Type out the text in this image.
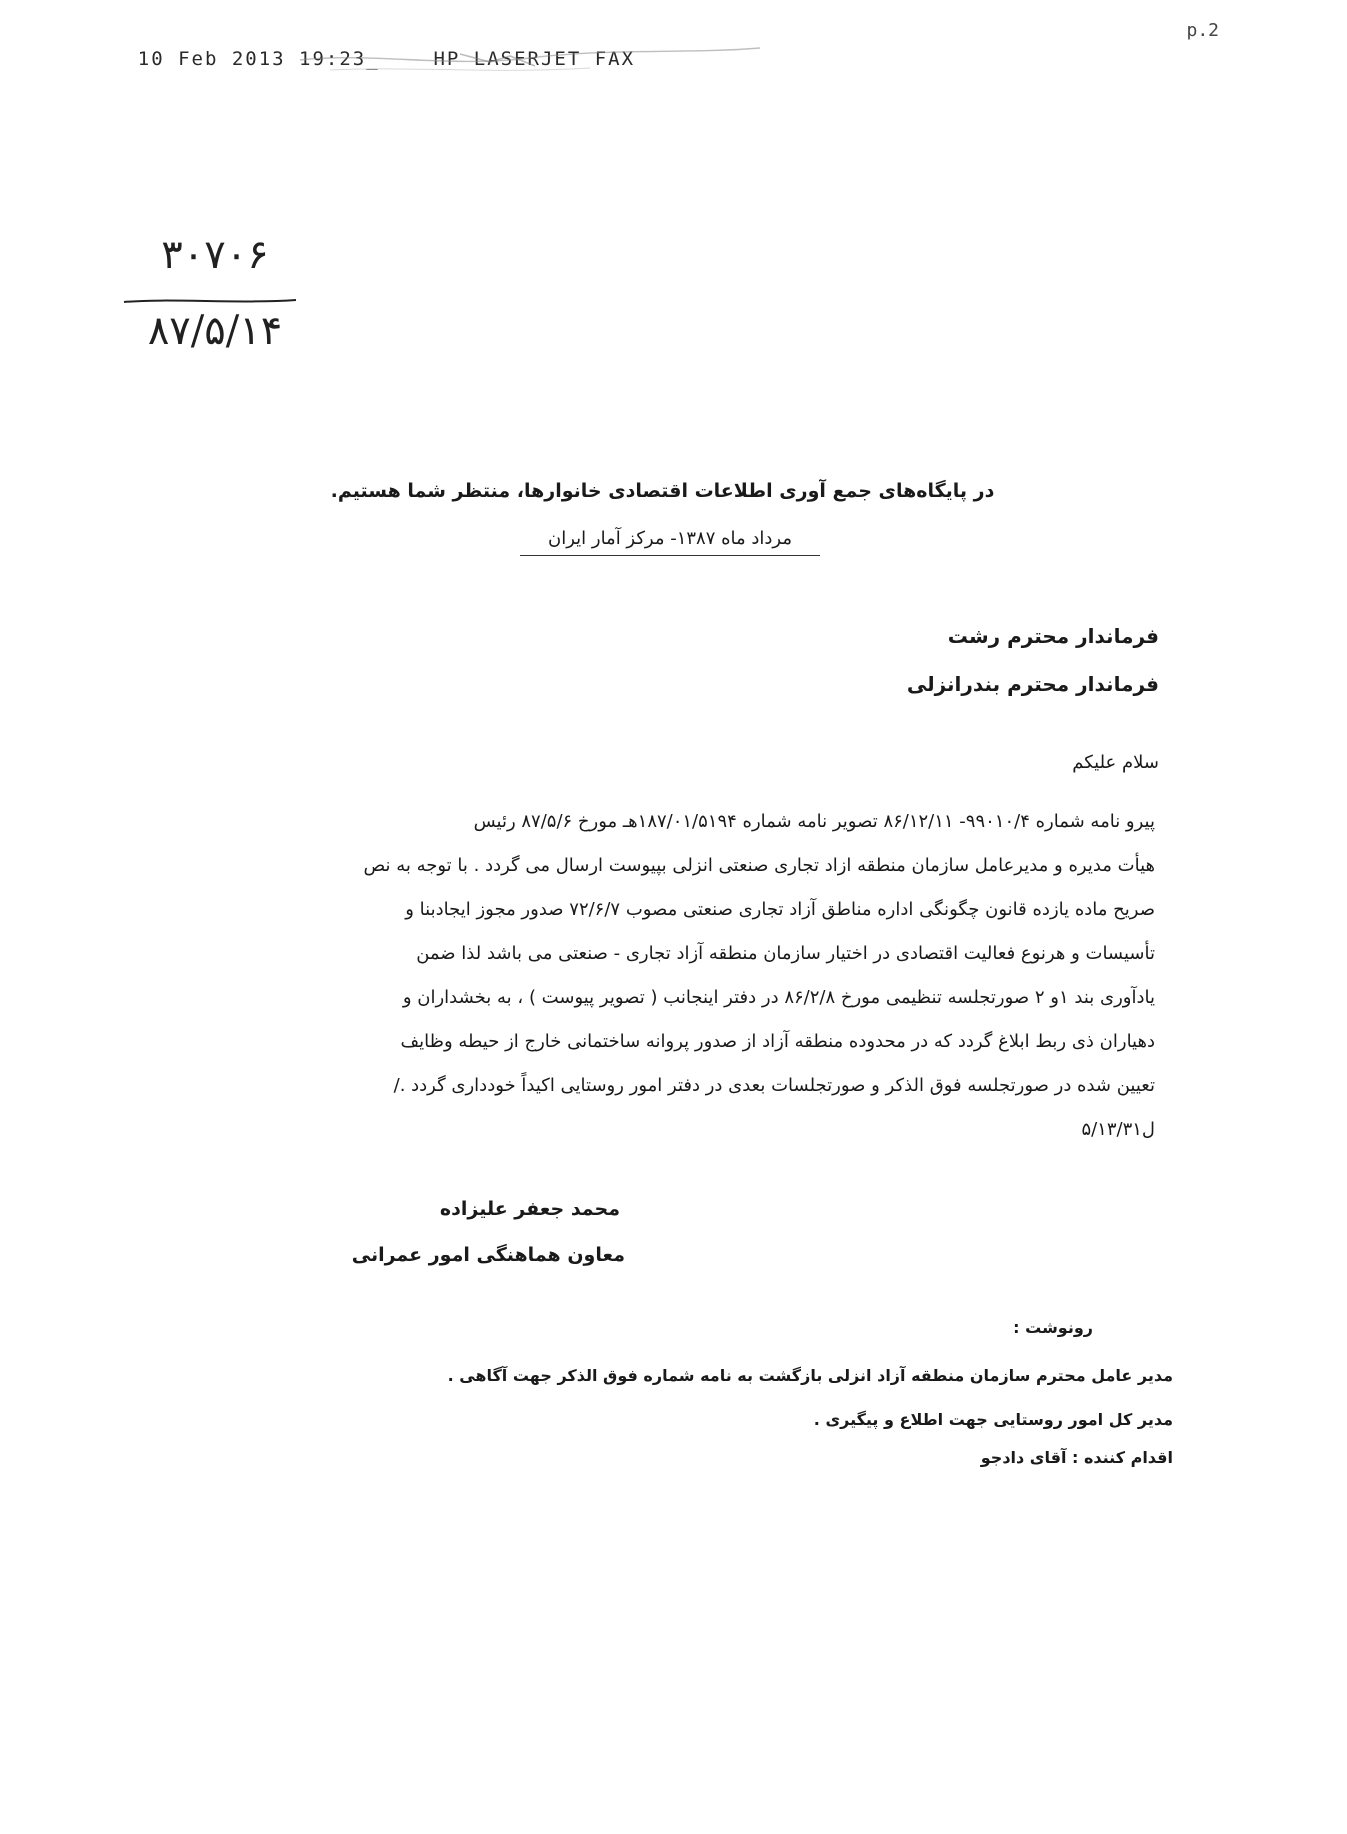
10 Feb 2013 19:23_    HP LASERJET FAX

p.2
۳۰۷۰۶
۸۷/۵/۱۴
در پایگاه‌های جمع آوری اطلاعات اقتصادی خانوارها، منتظر شما هستیم.
مرداد ماه ۱۳۸۷- مرکز آمار ایران
فرماندار محترم رشت
فرماندار محترم بندرانزلی
سلام علیکم
پیرو نامه شماره ۹۹۰۱۰/۴- ۸۶/۱۲/۱۱ تصویر نامه شماره ۱۸۷/۰۱/۵۱۹۴هـ مورخ ۸۷/۵/۶ رئیس
هیأت مدیره و مدیرعامل سازمان منطقه ازاد تجاری صنعتی انزلی بپیوست ارسال می گردد . با توجه به نص
صریح ماده یازده قانون چگونگی اداره مناطق آزاد تجاری صنعتی مصوب ۷۲/۶/۷ صدور مجوز ایجادبنا و
تأسیسات و هرنوع فعالیت اقتصادی در اختیار سازمان منطقه آزاد تجاری - صنعتی می باشد لذا ضمن
یادآوری بند ۱و ۲ صورتجلسه تنظیمی مورخ ۸۶/۲/۸ در دفتر اینجانب ( تصویر پیوست ) ، به بخشداران و
دهیاران ذی ربط ابلاغ گردد که در محدوده منطقه آزاد از صدور پروانه ساختمانی خارج از حیطه وظایف
تعیین شده در صورتجلسه فوق الذکر و صورتجلسات بعدی در دفتر امور روستایی اکیداً خودداری گردد ./
ل۵/۱۳/۳۱
محمد جعفر علیزاده
معاون هماهنگی امور عمرانی
رونوشت :
مدیر عامل محترم سازمان منطقه آزاد انزلی بازگشت به نامه شماره فوق الذکر جهت آگاهی .
مدیر کل امور روستایی جهت اطلاع و پیگیری .
اقدام کننده : آقای دادجو
